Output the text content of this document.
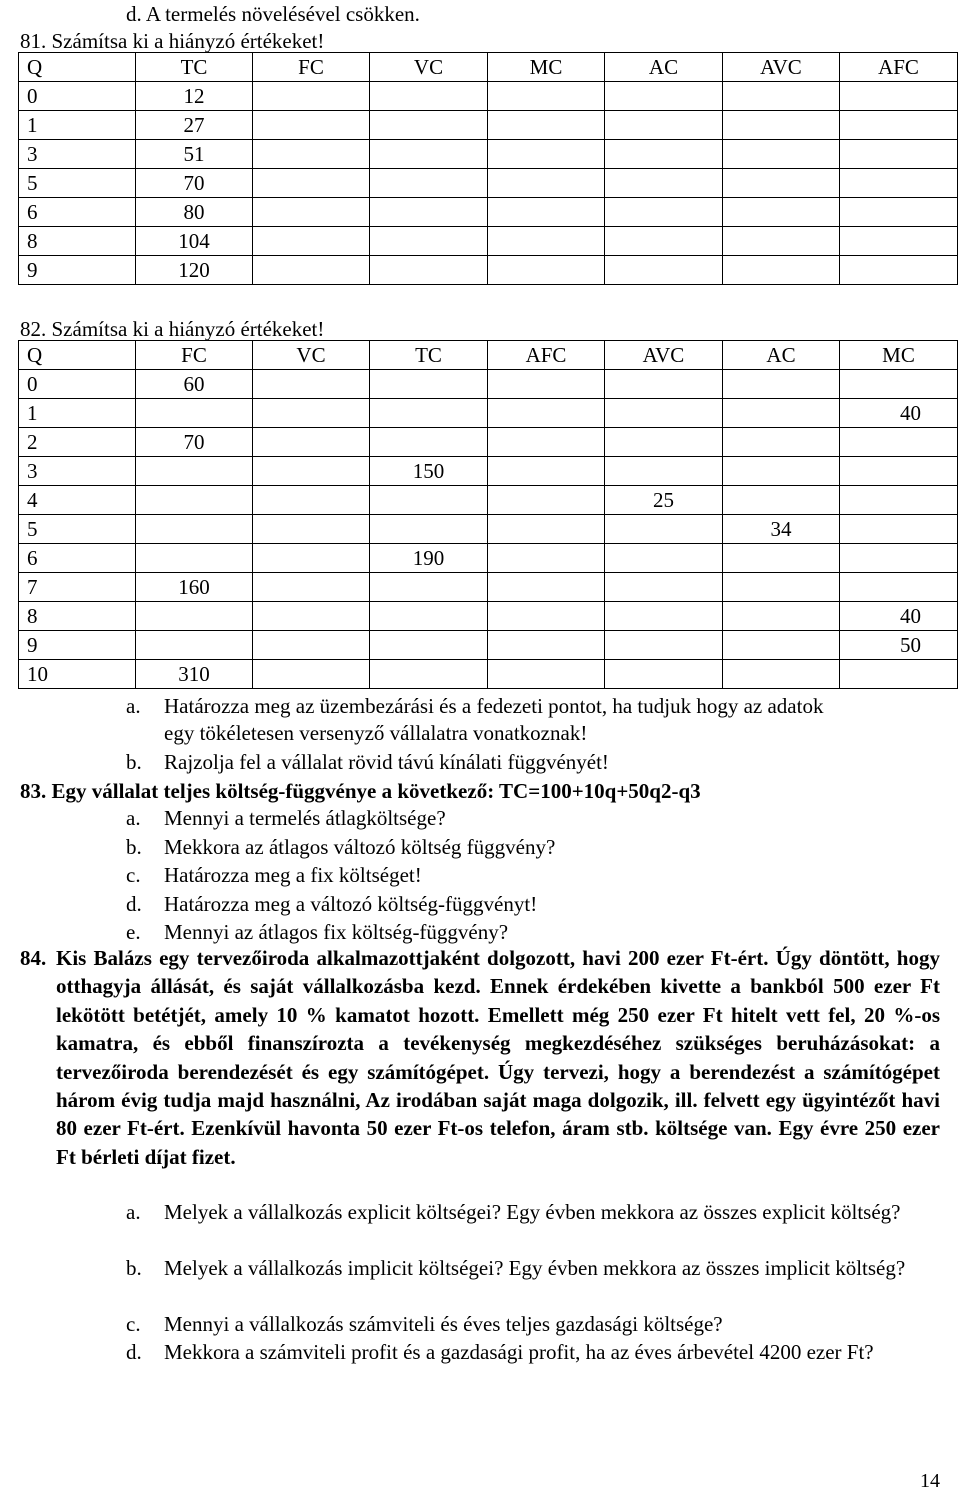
d. A termelés növelésével csökken.
81. Számítsa ki a hiányzó értékeket!
Q	TC	FC	VC	MC	AC	AVC	AFC
0	12						
1	27						
3	51						
5	70						
6	80						
8	104						
9	120						
82. Számítsa ki a hiányzó értékeket!
Q	FC	VC	TC	AFC	AVC	AC	MC
0	60						
1							40
2	70						
3			150				
4					25		
5						34	
6			190				
7	160						
8							40
9							50
10	310						
a. Határozza meg az üzembezárási és a fedezeti pontot, ha tudjuk hogy az adatok
egy tökéletesen versenyző vállalatra vonatkoznak!
b. Rajzolja fel a vállalat rövid távú kínálati függvényét!
83. Egy vállalat teljes költség-függvénye a következő: TC=100+10q+50q2-q3
a. Mennyi a termelés átlagköltsége?
b. Mekkora az átlagos változó költség függvény?
c. Határozza meg a fix költséget!
d. Határozza meg a változó költség-függvényt!
e. Mennyi az átlagos fix költség-függvény?
84. Kis Balázs egy tervezőiroda alkalmazottjaként dolgozott, havi 200 ezer Ft-ért. Úgy döntött, hogy otthagyja állását, és saját vállalkozásba kezd. Ennek érdekében kivette a bankból 500 ezer Ft lekötött betétjét, amely 10 % kamatot hozott. Emellett még 250 ezer Ft hitelt vett fel, 20 %-os kamatra, és ebből finanszírozta a tevékenység megkezdéséhez szükséges beruházásokat: a tervezőiroda berendezését és egy számítógépet. Úgy tervezi, hogy a berendezést a számítógépet három évig tudja majd használni, Az irodában saját maga dolgozik, ill. felvett egy ügyintézőt havi 80 ezer Ft-ért. Ezenkívül havonta 50 ezer Ft-os telefon, áram stb. költsége van. Egy évre 250 ezer Ft bérleti díjat fizet.
a. Melyek a vállalkozás explicit költségei? Egy évben mekkora az összes explicit költség?
b. Melyek a vállalkozás implicit költségei? Egy évben mekkora az összes implicit költség?
c. Mennyi a vállalkozás számviteli és éves teljes gazdasági költsége?
d. Mekkora a számviteli profit és a gazdasági profit, ha az éves árbevétel 4200 ezer Ft?
14
